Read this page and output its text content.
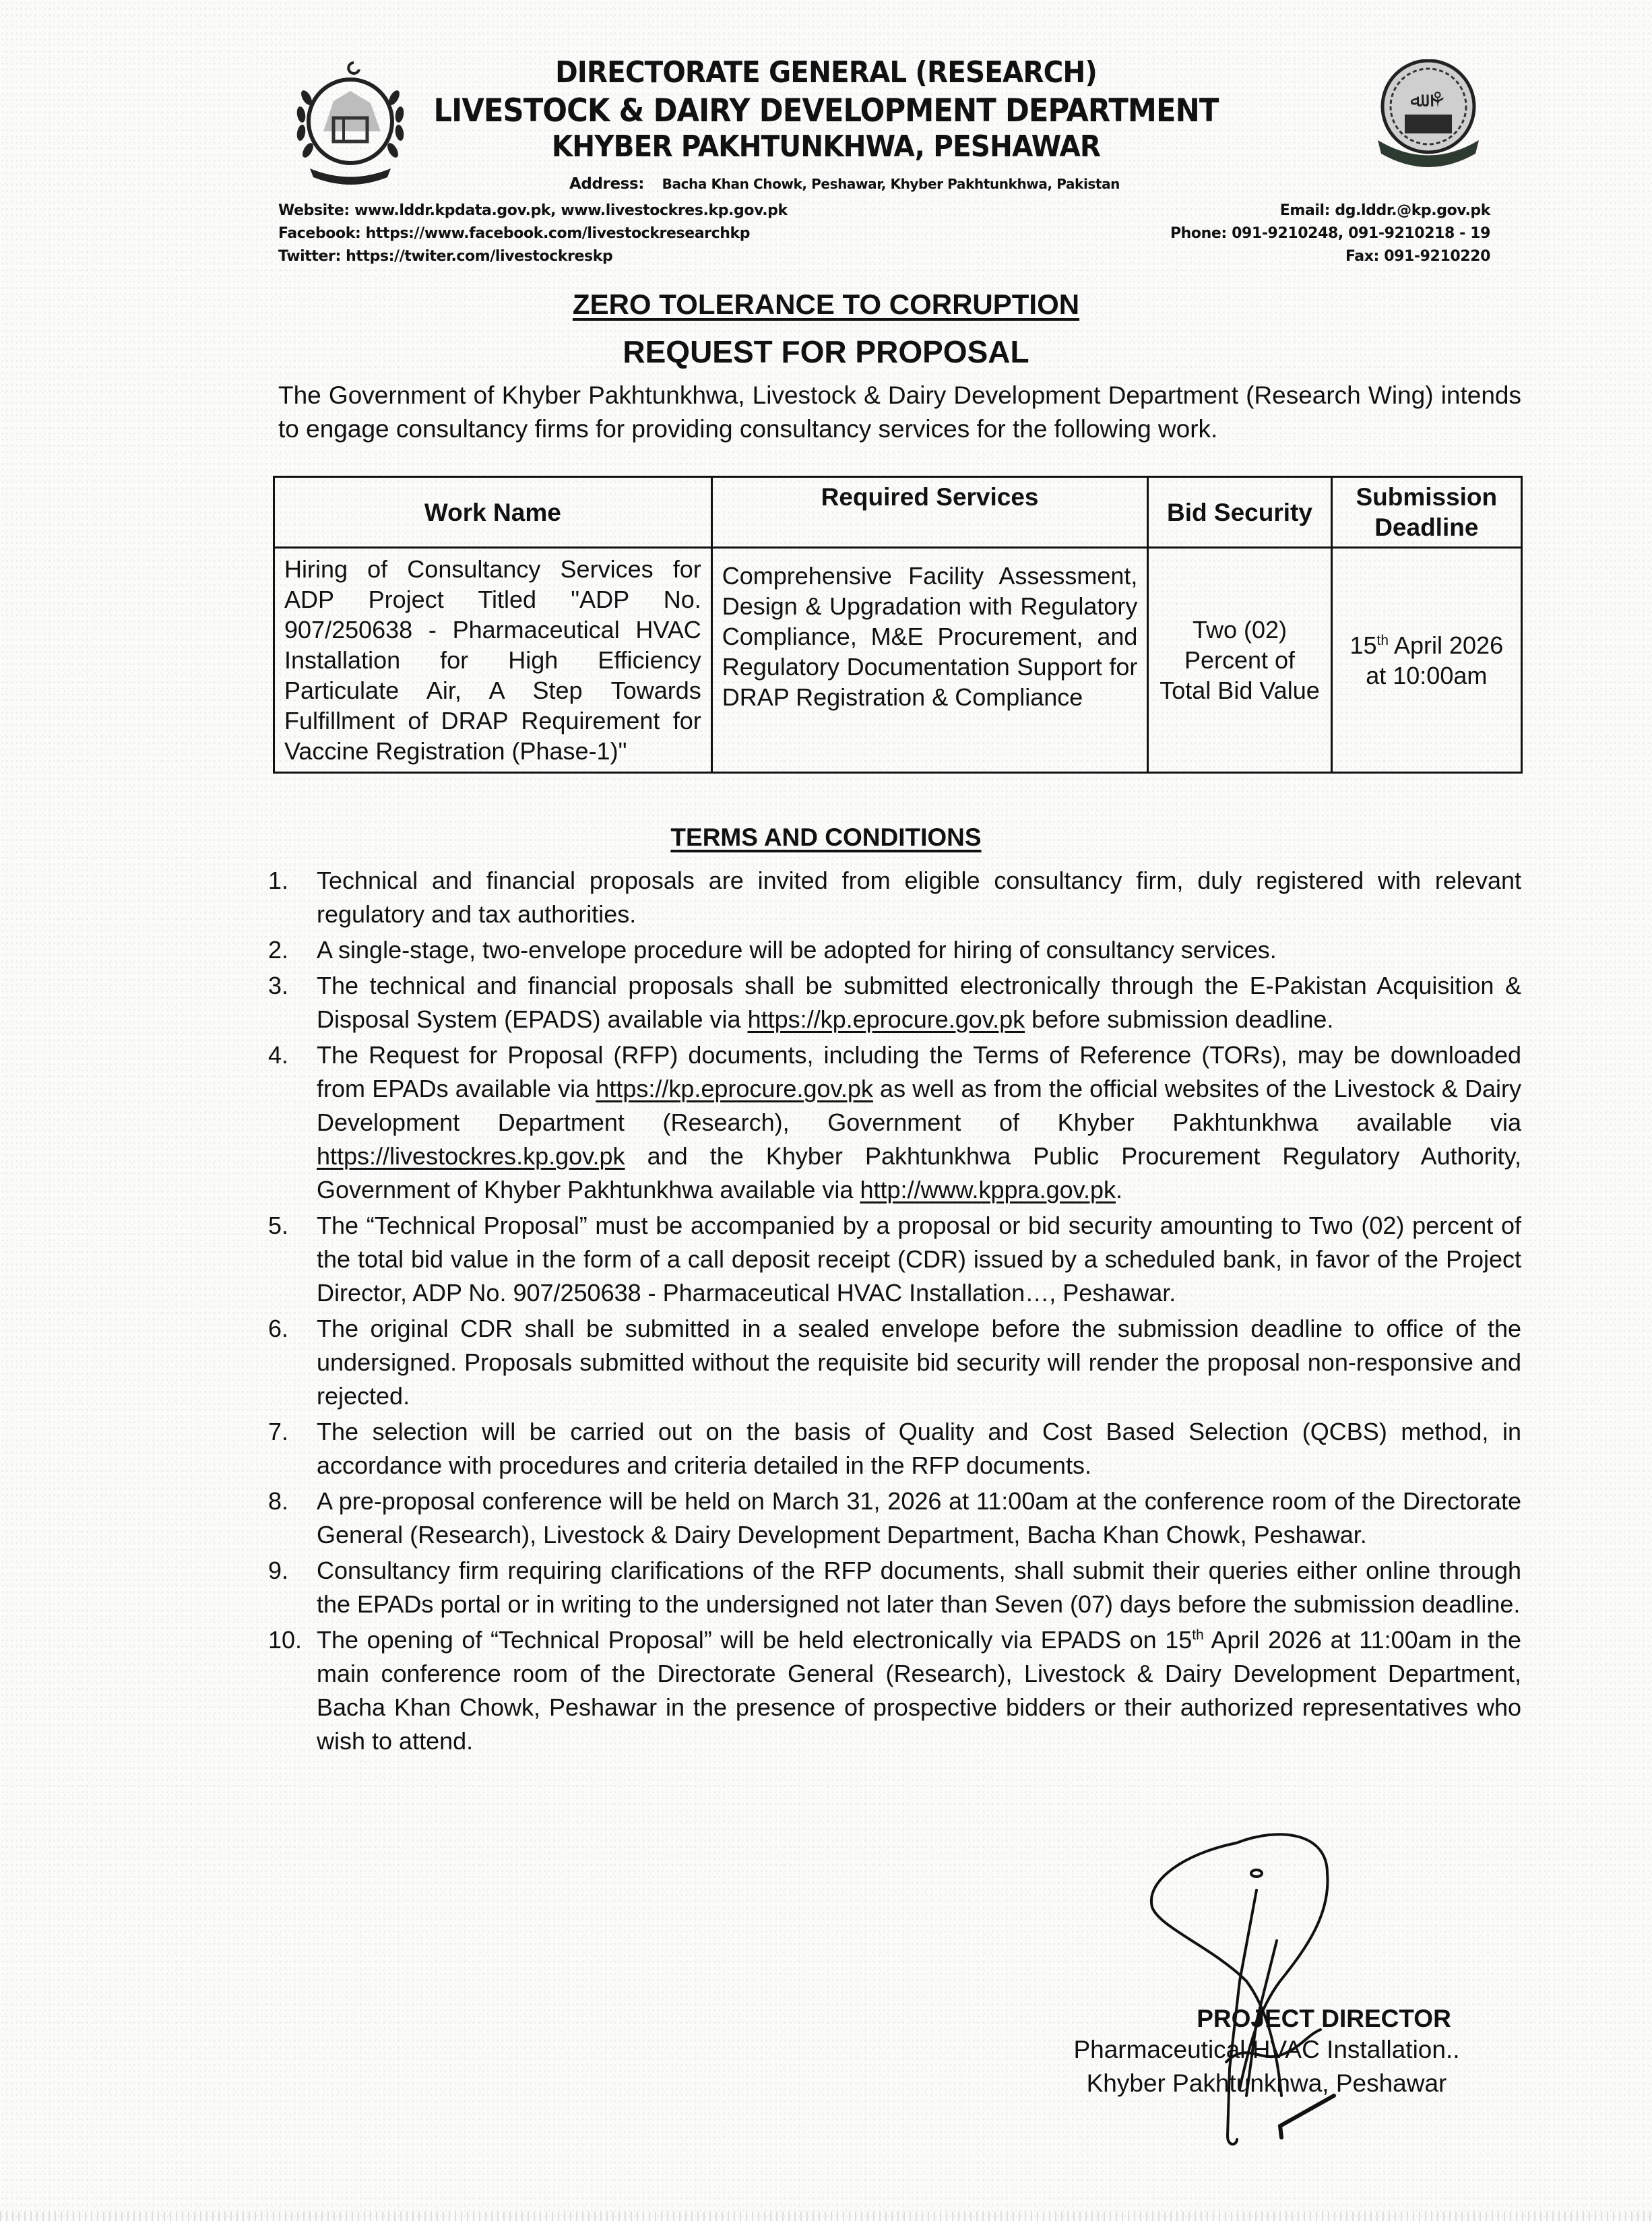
ﷲ ⚘
DIRECTORATE GENERAL (RESEARCH)
LIVESTOCK & DAIRY DEVELOPMENT DEPARTMENT
KHYBER PAKHTUNKHWA, PESHAWAR
Address: Bacha Khan Chowk, Peshawar, Khyber Pakhtunkhwa, Pakistan
Website: www.lddr.kpdata.gov.pk, www.livestockres.kp.gov.pk
Facebook: https://www.facebook.com/livestockresearchkp
Twitter: https://twiter.com/livestockreskp
Email: dg.lddr.@kp.gov.pk
Phone: 091-9210248, 091-9210218 - 19
Fax: 091-9210220
ZERO TOLERANCE TO CORRUPTION
REQUEST FOR PROPOSAL
The Government of Khyber Pakhtunkhwa, Livestock & Dairy Development Department (Research Wing) intends to engage consultancy firms for providing consultancy services for the following work.
Work Name	Required Services	Bid Security	Submission Deadline
Hiring of Consultancy Services for ADP Project Titled "ADP No. 907/250638 - Pharmaceutical HVAC Installation for High Efficiency Particulate Air, A Step Towards Fulfillment of DRAP Requirement for Vaccine Registration (Phase-1)"	Comprehensive Facility Assessment, Design & Upgradation with Regulatory Compliance, M&E Procurement, and Regulatory Documentation Support for DRAP Registration & Compliance	Two (02) Percent of Total Bid Value	15th April 2026 at 10:00am
TERMS AND CONDITIONS
1. Technical and financial proposals are invited from eligible consultancy firm, duly registered with relevant regulatory and tax authorities.
2. A single-stage, two-envelope procedure will be adopted for hiring of consultancy services.
3. The technical and financial proposals shall be submitted electronically through the E-Pakistan Acquisition & Disposal System (EPADS) available via https://kp.eprocure.gov.pk before submission deadline.
4. The Request for Proposal (RFP) documents, including the Terms of Reference (TORs), may be downloaded from EPADs available via https://kp.eprocure.gov.pk as well as from the official websites of the Livestock & Dairy Development Department (Research), Government of Khyber Pakhtunkhwa available via https://livestockres.kp.gov.pk and the Khyber Pakhtunkhwa Public Procurement Regulatory Authority, Government of Khyber Pakhtunkhwa available via http://www.kppra.gov.pk.
5. The “Technical Proposal” must be accompanied by a proposal or bid security amounting to Two (02) percent of the total bid value in the form of a call deposit receipt (CDR) issued by a scheduled bank, in favor of the Project Director, ADP No. 907/250638 - Pharmaceutical HVAC Installation…, Peshawar.
6. The original CDR shall be submitted in a sealed envelope before the submission deadline to office of the undersigned. Proposals submitted without the requisite bid security will render the proposal non-responsive and rejected.
7. The selection will be carried out on the basis of Quality and Cost Based Selection (QCBS) method, in accordance with procedures and criteria detailed in the RFP documents.
8. A pre-proposal conference will be held on March 31, 2026 at 11:00am at the conference room of the Directorate General (Research), Livestock & Dairy Development Department, Bacha Khan Chowk, Peshawar.
9. Consultancy firm requiring clarifications of the RFP documents, shall submit their queries either online through the EPADs portal or in writing to the undersigned not later than Seven (07) days before the submission deadline.
10. The opening of “Technical Proposal” will be held electronically via EPADS on 15th April 2026 at 11:00am in the main conference room of the Directorate General (Research), Livestock & Dairy Development Department, Bacha Khan Chowk, Peshawar in the presence of prospective bidders or their authorized representatives who wish to attend.
PROJECT DIRECTOR
Pharmaceutical HVAC Installation..
Khyber Pakhtunkhwa, Peshawar
